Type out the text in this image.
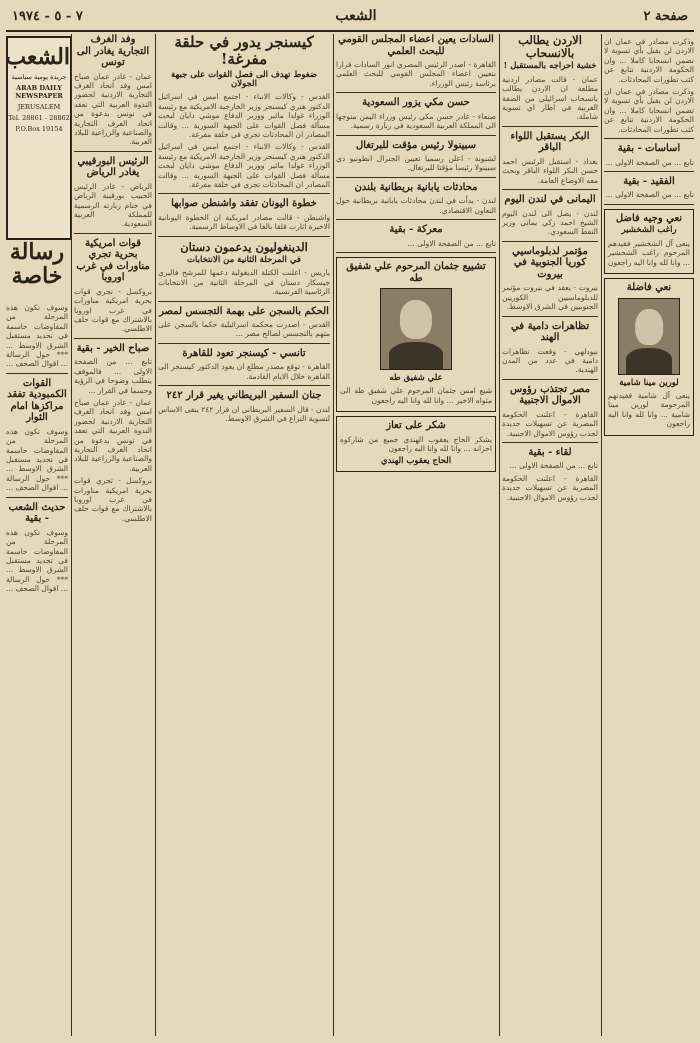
صفحة ٢
الشعب
٧ - ٥ - ١٩٧٤
الشعب
جريدة يومية سياسية
ARAB DAILY NEWSPAPER
JERUSALEM
Tel. 28861 - 28862
P.O.Box 19154
رسالة خاصة
وسوف تكون هذه المرحلة من المفاوضات حاسمة في تحديد مستقبل الشرق الاوسط ... *** حول الرسالة ... اقوال الصحف ...
القوات الكمبودية تفقد مراكزها امام الثوار
وسوف تكون هذه المرحلة من المفاوضات حاسمة في تحديد مستقبل الشرق الاوسط ... *** حول الرسالة ... اقوال الصحف ...
حديث الشعب - بقية
وسوف تكون هذه المرحلة من المفاوضات حاسمة في تحديد مستقبل الشرق الاوسط ... *** حول الرسالة ... اقوال الصحف ...
وفد الغرف التجارية يغادر الى تونس
عمان - غادر عمان صباح امس وفد اتحاد الغرف التجارية الاردنية لحضور الندوة العربية التي تعقد في تونس بدعوة من اتحاد الغرف التجارية والصناعية والزراعية للبلاد العربية.
الرئيس البورقيبي يغادر الرياض
الرياض - غادر الرئيس الحبيب بورقيبة الرياض في ختام زيارته الرسمية للمملكة العربية السعودية.
قوات امريكية بحرية تجري مناورات في غرب اوروبا
بروكسل - تجري قوات بحرية امريكية مناورات في غرب اوروبا بالاشتراك مع قوات حلف الاطلسي.
صباح الخير - بقية
تابع ... من الصفحة الاولى ... فالموقف يتطلب وضوحا في الرؤية وحسما في القرار ...
عمان - غادر عمان صباح امس وفد اتحاد الغرف التجارية الاردنية لحضور الندوة العربية التي تعقد في تونس بدعوة من اتحاد الغرف التجارية والصناعية والزراعية للبلاد العربية.
بروكسل - تجري قوات بحرية امريكية مناورات في غرب اوروبا بالاشتراك مع قوات حلف الاطلسي.
كيسنجر يدور في حلقة مفرغة!
ضغوط تهدف الى فصل القوات على جبهة الجولان
القدس - وكالات الانباء - اجتمع امس في اسرائيل الدكتور هنري كيسنجر وزير الخارجية الامريكية مع رئيسة الوزراء غولدا مائير ووزير الدفاع موشي دايان لبحث مسألة فصل القوات على الجبهة السورية ... وقالت المصادر ان المحادثات تجري في حلقة مفرغة.
القدس - وكالات الانباء - اجتمع امس في اسرائيل الدكتور هنري كيسنجر وزير الخارجية الامريكية مع رئيسة الوزراء غولدا مائير ووزير الدفاع موشي دايان لبحث مسألة فصل القوات على الجبهة السورية ... وقالت المصادر ان المحادثات تجري في حلقة مفرغة.
خطوة اليونان تفقد واشنطن صوابها
واشنطن - قالت مصادر امريكية ان الخطوة اليونانية الاخيرة اثارت قلقا بالغا في الاوساط الرسمية.
الدينغوليون يدعمون دستان
في المرحلة الثانية من الانتخابات
باريس - اعلنت الكتلة الديغولية دعمها للمرشح فاليري جيسكار دستان في المرحلة الثانية من الانتخابات الرئاسية الفرنسية.
الحكم بالسجن على بهمة التجسس لمصر
القدس - اصدرت محكمة اسرائيلية حكما بالسجن على متهم بالتجسس لصالح مصر ...
تانسي - كيسنجر تعود للقاهرة
القاهرة - توقع مصدر مطلع ان يعود الدكتور كيسنجر الى القاهرة خلال الايام القادمة.
جنان السفير البريطاني يغير قرار ٢٤٢
لندن - قال السفير البريطاني ان قرار ٢٤٢ يبقى الاساس لتسوية النزاع في الشرق الاوسط.
السادات يعين اعضاء المجلس القومي للبحث العلمي
القاهرة - اصدر الرئيس المصري انور السادات قرارا بتعيين اعضاء المجلس القومي للبحث العلمي برئاسة رئيس الوزراء.
حسن مكي يزور السعودية
صنعاء - غادر حسن مكي رئيس وزراء اليمن متوجها الى المملكة العربية السعودية في زيارة رسمية.
سبينولا رئيس مؤقت للبرتغال
لشبونة - اعلن رسميا تعيين الجنرال انطونيو دي سبينولا رئيسا مؤقتا للبرتغال.
محادثات يابانية بريطانية بلندن
لندن - بدأت في لندن محادثات يابانية بريطانية حول التعاون الاقتصادي.
معركة - بقية
تابع ... من الصفحة الاولى ...
تشييع جثمان المرحوم علي شفيق طه
علي شفيق طه
شيع امس جثمان المرحوم علي شفيق طه الى مثواه الاخير ... وانا لله وانا اليه راجعون
شكر على تعاز
يشكر الحاج يعقوب الهندي جميع من شاركوه احزانه ... وانا لله وانا اليه راجعون
الحاج يعقوب الهندي
الاردن يطالب بالانسحاب
خشية احراجه بالمستقبل !
عمان - قالت مصادر اردنية مطلعة ان الاردن يطالب بانسحاب اسرائيلي من الضفة الغربية في اطار اي تسوية شاملة.
البكر يستقبل اللواء الباقر
بغداد - استقبل الرئيس احمد حسن البكر اللواء الباقر وبحث معه الاوضاع العامة.
اليمانى في لندن اليوم
لندن - يصل الى لندن اليوم الشيخ احمد زكي يماني وزير النفط السعودي.
مؤتمر لدبلوماسيي كوريا الجنوبية في بيروت
بيروت - يعقد في بيروت مؤتمر للدبلوماسيين الكوريين الجنوبيين في الشرق الاوسط.
تظاهرات دامية في الهند
نيودلهي - وقعت تظاهرات دامية في عدد من المدن الهندية.
مصر تجتذب رؤوس الاموال الاجنبية
القاهرة - اعلنت الحكومة المصرية عن تسهيلات جديدة لجذب رؤوس الاموال الاجنبية.
لقاء - بقية
تابع ... من الصفحة الاولى ...
القاهرة - اعلنت الحكومة المصرية عن تسهيلات جديدة لجذب رؤوس الاموال الاجنبية.
وذكرت مصادر في عمان ان الاردن لن يقبل بأي تسوية لا تضمن انسحابا كاملا ... وان الحكومة الاردنية تتابع عن كثب تطورات المحادثات.
وذكرت مصادر في عمان ان الاردن لن يقبل بأي تسوية لا تضمن انسحابا كاملا ... وان الحكومة الاردنية تتابع عن كثب تطورات المحادثات.
اساسات - بقية
تابع ... من الصفحة الاولى ...
الفقيد - بقية
تابع ... من الصفحة الاولى ...
نعي وجيه فاضل
راغب الشخشير
ينعى آل الشخشير فقيدهم المرحوم راغب الشخشير ... وانا لله وانا اليه راجعون
نعي فاضلة
لورين مينا شامية
ينعى آل شامية فقيدتهم المرحومة لورين مينا شامية ... وانا لله وانا اليه راجعون
